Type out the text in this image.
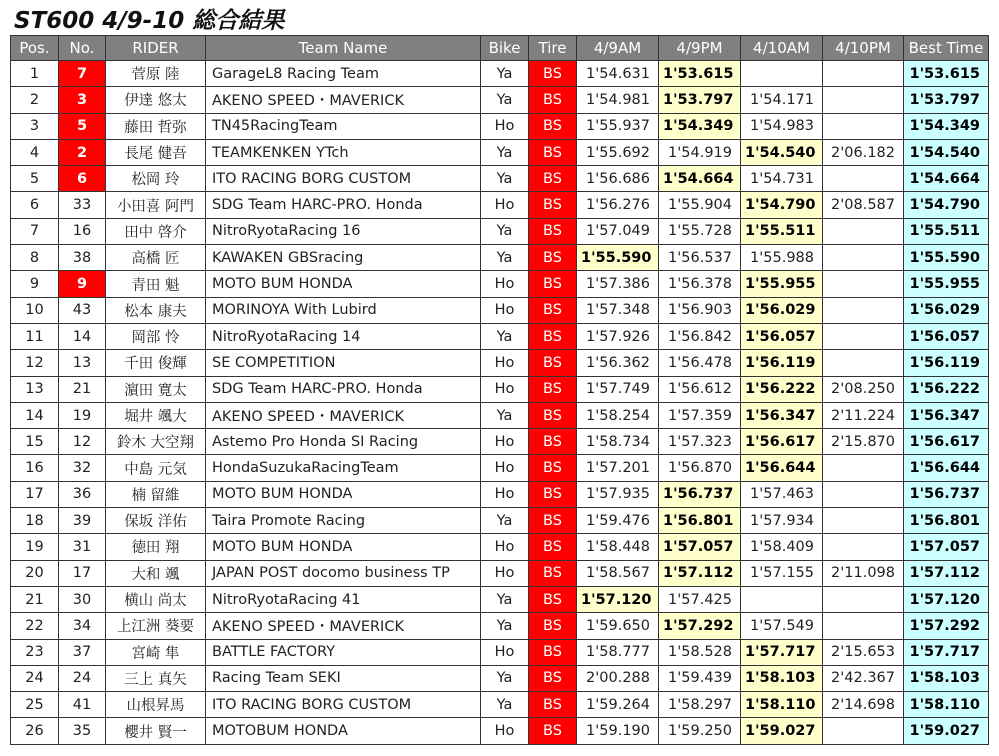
ST600 4/9-10 総合結果
Pos.	No.	RIDER	Team Name	Bike	Tire	4/9AM	4/9PM	4/10AM	4/10PM	Best Time
1	7	菅原 陸	GarageL8 Racing Team	Ya	BS	1'54.631	1'53.615			1'53.615
2	3	伊達 悠太	AKENO SPEED・MAVERICK	Ya	BS	1'54.981	1'53.797	1'54.171		1'53.797
3	5	藤田 哲弥	TN45RacingTeam	Ho	BS	1'55.937	1'54.349	1'54.983		1'54.349
4	2	長尾 健吾	TEAMKENKEN YTch	Ya	BS	1'55.692	1'54.919	1'54.540	2'06.182	1'54.540
5	6	松岡 玲	ITO RACING BORG CUSTOM	Ya	BS	1'56.686	1'54.664	1'54.731		1'54.664
6	33	小田喜 阿門	SDG Team HARC-PRO. Honda	Ho	BS	1'56.276	1'55.904	1'54.790	2'08.587	1'54.790
7	16	田中 啓介	NitroRyotaRacing 16	Ya	BS	1'57.049	1'55.728	1'55.511		1'55.511
8	38	高橋 匠	KAWAKEN GBSracing	Ya	BS	1'55.590	1'56.537	1'55.988		1'55.590
9	9	青田 魁	MOTO BUM HONDA	Ho	BS	1'57.386	1'56.378	1'55.955		1'55.955
10	43	松本 康夫	MORINOYA With Lubird	Ho	BS	1'57.348	1'56.903	1'56.029		1'56.029
11	14	岡部 怜	NitroRyotaRacing 14	Ya	BS	1'57.926	1'56.842	1'56.057		1'56.057
12	13	千田 俊輝	SE COMPETITION	Ho	BS	1'56.362	1'56.478	1'56.119		1'56.119
13	21	濵田 寛太	SDG Team HARC-PRO. Honda	Ho	BS	1'57.749	1'56.612	1'56.222	2'08.250	1'56.222
14	19	堀井 颯大	AKENO SPEED・MAVERICK	Ya	BS	1'58.254	1'57.359	1'56.347	2'11.224	1'56.347
15	12	鈴木 大空翔	Astemo Pro Honda SI Racing	Ho	BS	1'58.734	1'57.323	1'56.617	2'15.870	1'56.617
16	32	中島 元気	HondaSuzukaRacingTeam	Ho	BS	1'57.201	1'56.870	1'56.644		1'56.644
17	36	楠 留維	MOTO BUM HONDA	Ho	BS	1'57.935	1'56.737	1'57.463		1'56.737
18	39	保坂 洋佑	Taira Promote Racing	Ya	BS	1'59.476	1'56.801	1'57.934		1'56.801
19	31	徳田 翔	MOTO BUM HONDA	Ho	BS	1'58.448	1'57.057	1'58.409		1'57.057
20	17	大和 颯	JAPAN POST docomo business TP	Ho	BS	1'58.567	1'57.112	1'57.155	2'11.098	1'57.112
21	30	横山 尚太	NitroRyotaRacing 41	Ya	BS	1'57.120	1'57.425			1'57.120
22	34	上江洲 葵要	AKENO SPEED・MAVERICK	Ya	BS	1'59.650	1'57.292	1'57.549		1'57.292
23	37	宮崎 隼	BATTLE FACTORY	Ho	BS	1'58.777	1'58.528	1'57.717	2'15.653	1'57.717
24	24	三上 真矢	Racing Team SEKI	Ya	BS	2'00.288	1'59.439	1'58.103	2'42.367	1'58.103
25	41	山根昇馬	ITO RACING BORG CUSTOM	Ya	BS	1'59.264	1'58.297	1'58.110	2'14.698	1'58.110
26	35	櫻井 賢一	MOTOBUM HONDA	Ho	BS	1'59.190	1'59.250	1'59.027		1'59.027
